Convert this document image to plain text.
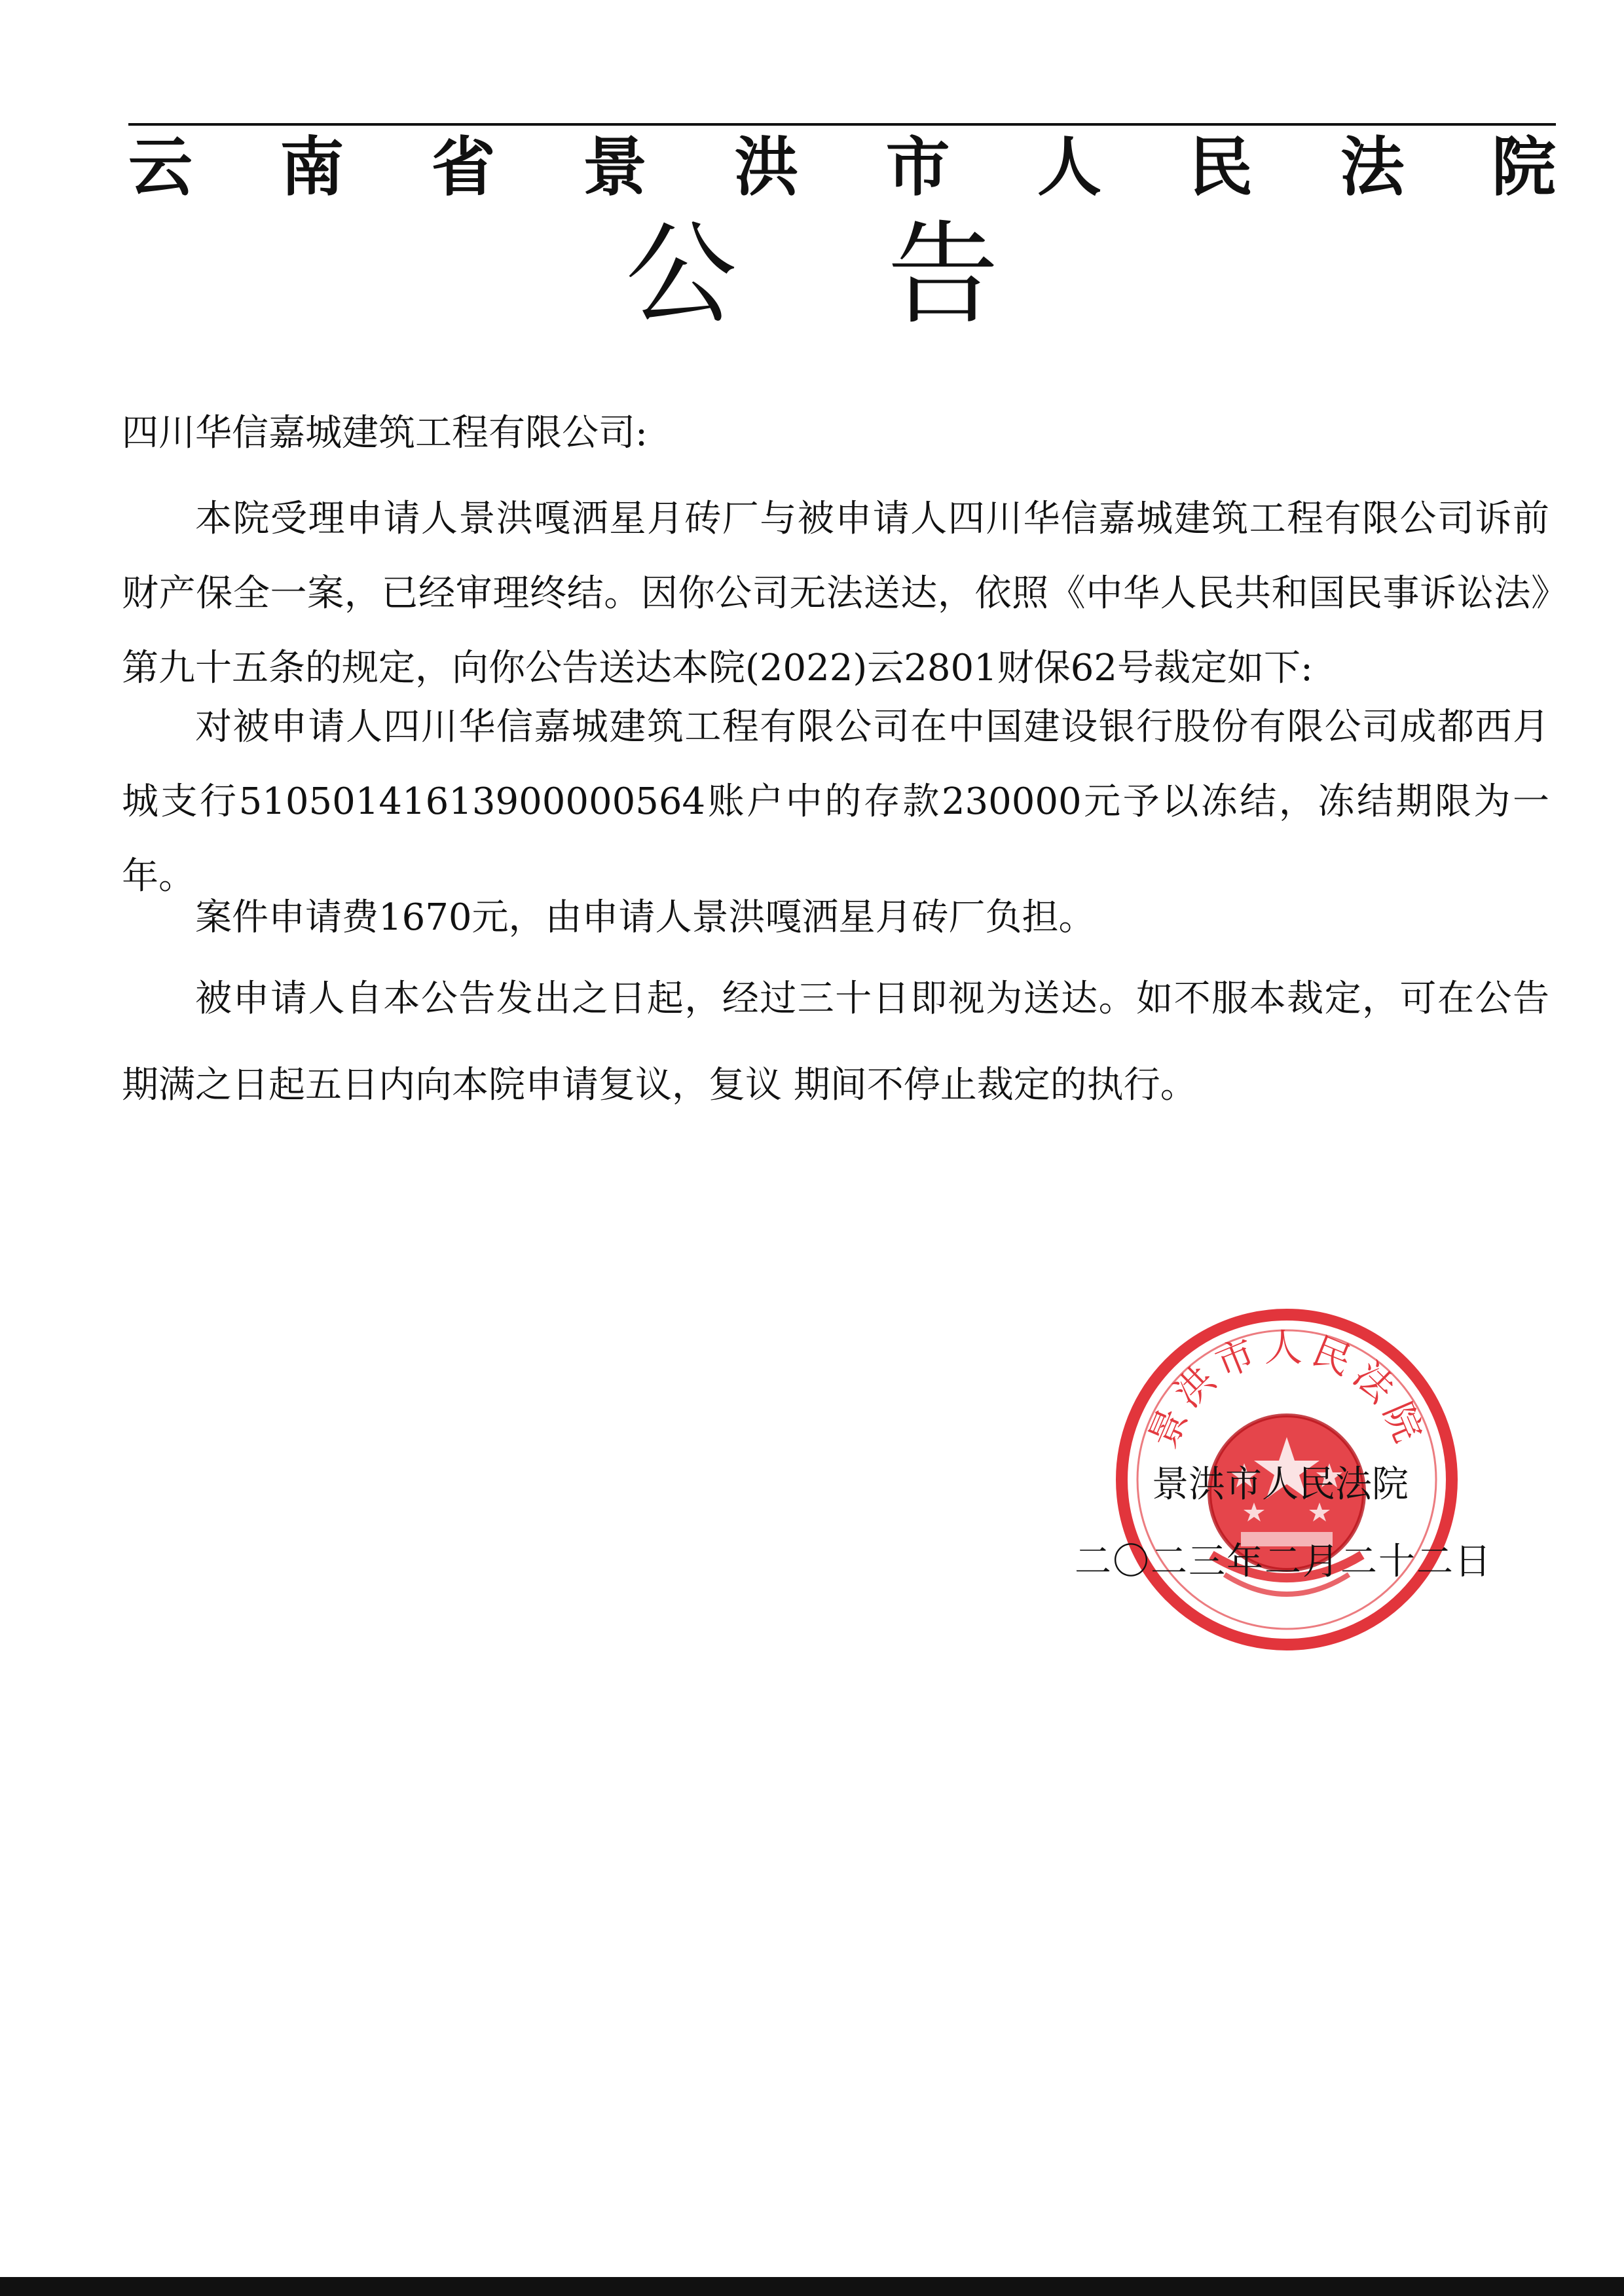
云 南 省 景 洪 市 人 民 法 院
公告
四川华信嘉城建筑工程有限公司:
本院受理申请人景洪嘎洒星月砖厂与被申请人四川华信嘉城建筑工程有限公司诉前财产保全一案，已经审理终结。因你公司无法送达，依照《中华人民共和国民事诉讼法》第九十五条的规定，向你公告送达本院(2022)云2801财保62号裁定如下:
对被申请人四川华信嘉城建筑工程有限公司在中国建设银行股份有限公司成都西月城支行51050141613900000564账户中的存款230000元予以冻结，冻结期限为一年。
案件申请费1670元，由申请人景洪嘎洒星月砖厂负担。
被申请人自本公告发出之日起，经过三十日即视为送达。如不服本裁定，可在公告期满之日起五日内向本院申请复议，复议 期间不停止裁定的执行。
景洪市人民法院
景洪市人民法院
二〇二三年二月二十二日
